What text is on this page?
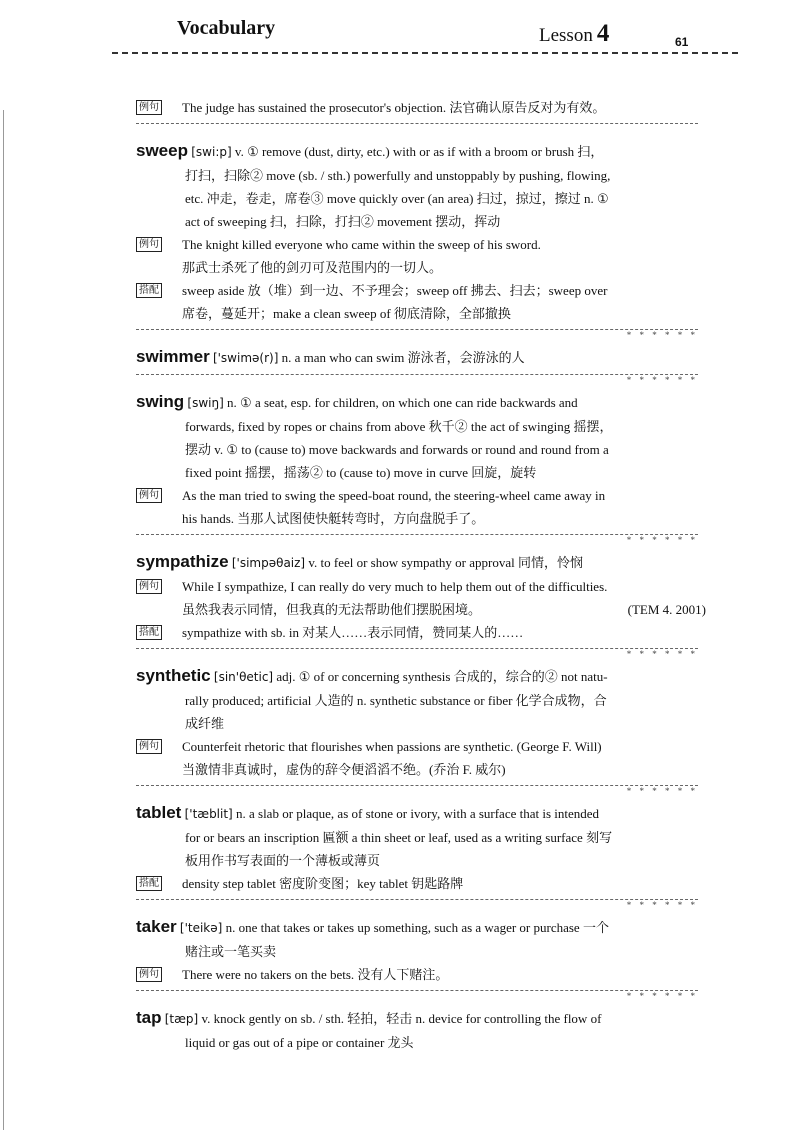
Vocabulary	Lesson 4	61
例句 The judge has sustained the prosecutor's objection. 法官确认原告反对为有效。
sweep [swi:p] v. ① remove (dust, dirty, etc.) with or as if with a broom or brush 扫，
打扫，扫除② move (sb. / sth.) powerfully and unstoppably by pushing, flowing,
etc. 冲走，卷走，席卷③ move quickly over (an area) 扫过，掠过，擦过 n. ①
act of sweeping 扫，扫除，打扫② movement 摆动，挥动
例句 The knight killed everyone who came within the sweep of his sword.
那武士杀死了他的剑刃可及范围内的一切人。
搭配 sweep aside 放（堆）到一边、不予理会；sweep off 拂去、扫去；sweep over
席卷，蔓延开；make a clean sweep of 彻底清除，全部撤换
* * * * * *
swimmer ['swimə(r)] n. a man who can swim 游泳者，会游泳的人
* * * * * *
swing [swiŋ] n. ① a seat, esp. for children, on which one can ride backwards and
forwards, fixed by ropes or chains from above 秋千② the act of swinging 摇摆，
摆动 v. ① to (cause to) move backwards and forwards or round and round from a
fixed point 摇摆，摇荡② to (cause to) move in curve 回旋，旋转
例句 As the man tried to swing the speed-boat round, the steering-wheel came away in
his hands. 当那人试图使快艇转弯时，方向盘脱手了。
* * * * * *
sympathize ['simpəθaiz] v. to feel or show sympathy or approval 同情，怜悯
例句 While I sympathize, I can really do very much to help them out of the difficulties.
虽然我表示同情，但我真的无法帮助他们摆脱困境。	(TEM 4. 2001)
搭配 sympathize with sb. in 对某人……表示同情，赞同某人的……
* * * * * *
synthetic [sin'θetic] adj. ① of or concerning synthesis 合成的，综合的② not natu-
rally produced; artificial 人造的 n. synthetic substance or fiber 化学合成物，合
成纤维
例句 Counterfeit rhetoric that flourishes when passions are synthetic. (George F. Will)
当激情非真诚时，虚伪的辞令便滔滔不绝。(乔治 F. 威尔)
* * * * * *
tablet ['tæblit] n. a slab or plaque, as of stone or ivory, with a surface that is intended
for or bears an inscription 匾额 a thin sheet or leaf, used as a writing surface 刻写
板用作书写表面的一个薄板或薄页
搭配 density step tablet 密度阶变图；key tablet 钥匙路牌
* * * * * *
taker ['teikə] n. one that takes or takes up something, such as a wager or purchase 一个
赌注或一笔买卖
例句 There were no takers on the bets. 没有人下赌注。
* * * * * *
tap [tæp] v. knock gently on sb. / sth. 轻拍，轻击 n. device for controlling the flow of
liquid or gas out of a pipe or container 龙头
